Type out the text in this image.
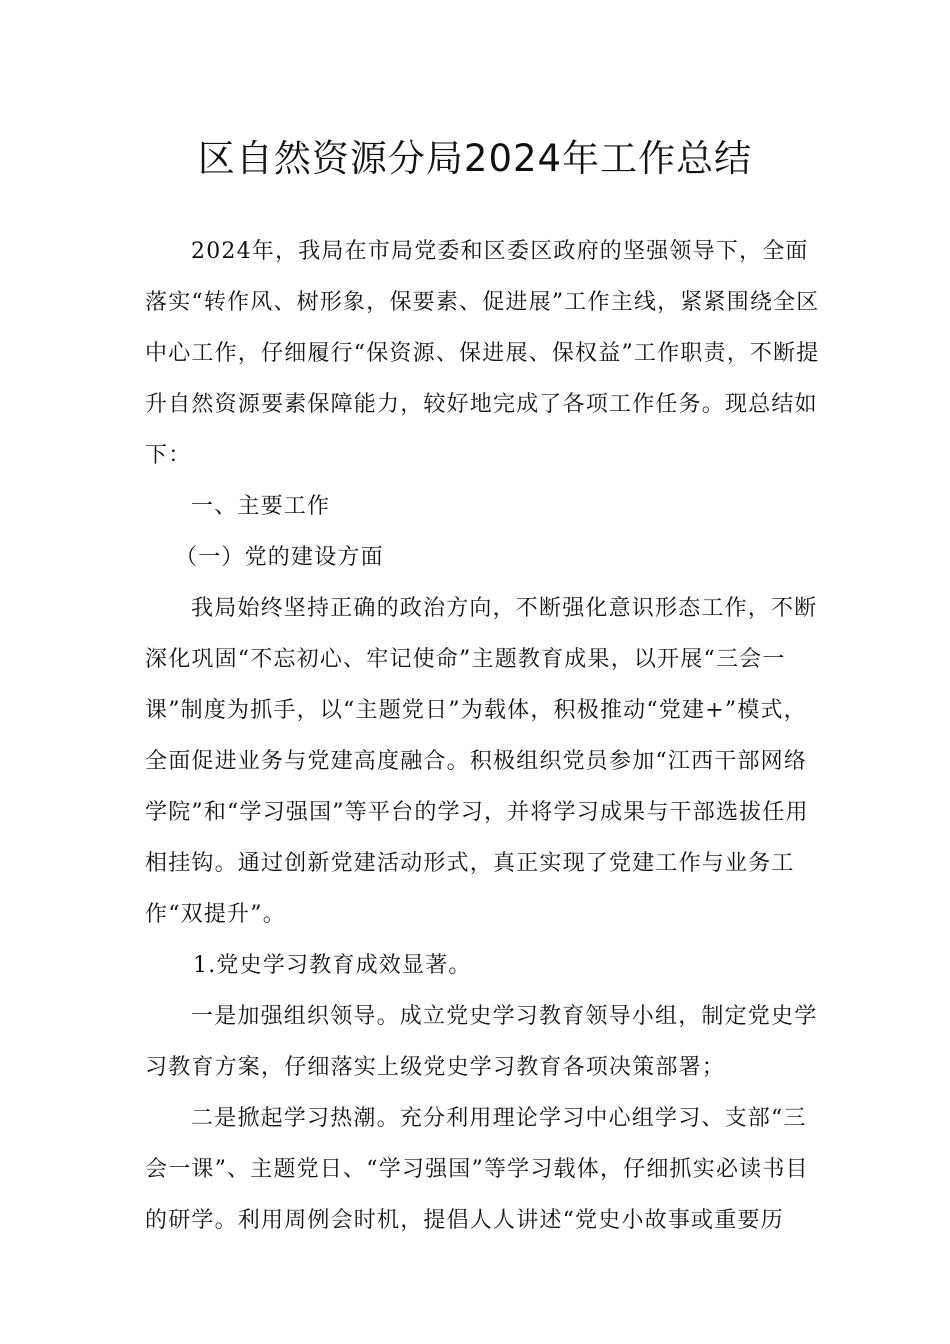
区自然资源分局2024年工作总结

2024年，我局在市局党委和区委区政府的坚强领导下，全面落实“转作风、树形象，保要素、促进展”工作主线，紧紧围绕全区中心工作，仔细履行“保资源、保进展、保权益”工作职责，不断提升自然资源要素保障能力，较好地完成了各项工作任务。现总结如下：

一、主要工作

（一）党的建设方面

我局始终坚持正确的政治方向，不断强化意识形态工作，不断深化巩固“不忘初心、牢记使命”主题教育成果，以开展“三会一课”制度为抓手，以“主题党日”为载体，积极推动“党建+”模式，全面促进业务与党建高度融合。积极组织党员参加“江西干部网络学院”和“学习强国”等平台的学习，并将学习成果与干部选拔任用相挂钩。通过创新党建活动形式，真正实现了党建工作与业务工作“双提升”。

1.党史学习教育成效显著。

一是加强组织领导。成立党史学习教育领导小组，制定党史学习教育方案，仔细落实上级党史学习教育各项决策部署；

二是掀起学习热潮。充分利用理论学习中心组学习、支部“三会一课”、主题党日、“学习强国”等学习载体，仔细抓实必读书目的研学。利用周例会时机，提倡人人讲述“党史小故事或重要历
